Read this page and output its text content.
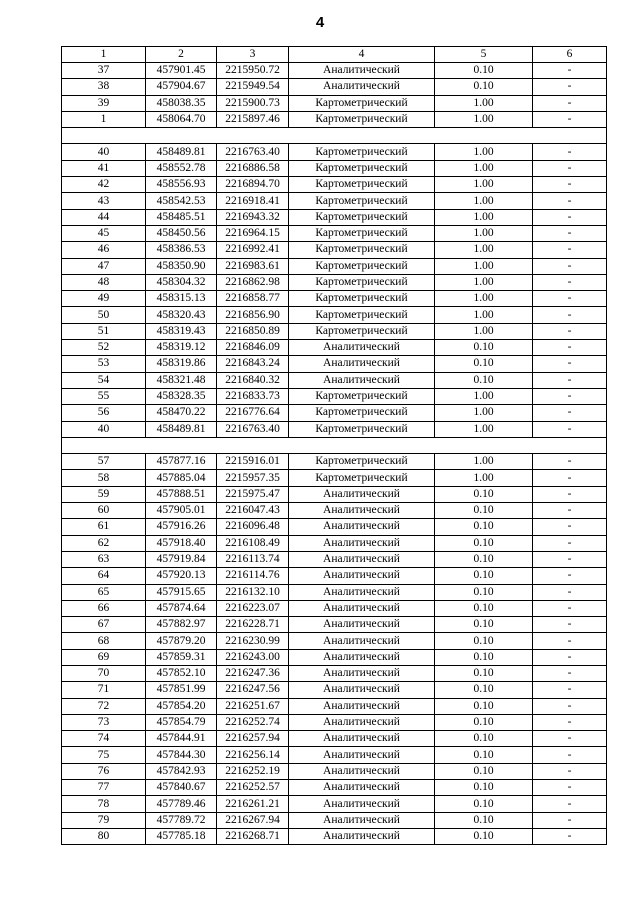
4
1	2	3	4	5	6
37	457901.45	2215950.72	Аналитический	0.10	-
38	457904.67	2215949.54	Аналитический	0.10	-
39	458038.35	2215900.73	Картометрический	1.00	-
1	458064.70	2215897.46	Картометрический	1.00	-

40	458489.81	2216763.40	Картометрический	1.00	-
41	458552.78	2216886.58	Картометрический	1.00	-
42	458556.93	2216894.70	Картометрический	1.00	-
43	458542.53	2216918.41	Картометрический	1.00	-
44	458485.51	2216943.32	Картометрический	1.00	-
45	458450.56	2216964.15	Картометрический	1.00	-
46	458386.53	2216992.41	Картометрический	1.00	-
47	458350.90	2216983.61	Картометрический	1.00	-
48	458304.32	2216862.98	Картометрический	1.00	-
49	458315.13	2216858.77	Картометрический	1.00	-
50	458320.43	2216856.90	Картометрический	1.00	-
51	458319.43	2216850.89	Картометрический	1.00	-
52	458319.12	2216846.09	Аналитический	0.10	-
53	458319.86	2216843.24	Аналитический	0.10	-
54	458321.48	2216840.32	Аналитический	0.10	-
55	458328.35	2216833.73	Картометрический	1.00	-
56	458470.22	2216776.64	Картометрический	1.00	-
40	458489.81	2216763.40	Картометрический	1.00	-

57	457877.16	2215916.01	Картометрический	1.00	-
58	457885.04	2215957.35	Картометрический	1.00	-
59	457888.51	2215975.47	Аналитический	0.10	-
60	457905.01	2216047.43	Аналитический	0.10	-
61	457916.26	2216096.48	Аналитический	0.10	-
62	457918.40	2216108.49	Аналитический	0.10	-
63	457919.84	2216113.74	Аналитический	0.10	-
64	457920.13	2216114.76	Аналитический	0.10	-
65	457915.65	2216132.10	Аналитический	0.10	-
66	457874.64	2216223.07	Аналитический	0.10	-
67	457882.97	2216228.71	Аналитический	0.10	-
68	457879.20	2216230.99	Аналитический	0.10	-
69	457859.31	2216243.00	Аналитический	0.10	-
70	457852.10	2216247.36	Аналитический	0.10	-
71	457851.99	2216247.56	Аналитический	0.10	-
72	457854.20	2216251.67	Аналитический	0.10	-
73	457854.79	2216252.74	Аналитический	0.10	-
74	457844.91	2216257.94	Аналитический	0.10	-
75	457844.30	2216256.14	Аналитический	0.10	-
76	457842.93	2216252.19	Аналитический	0.10	-
77	457840.67	2216252.57	Аналитический	0.10	-
78	457789.46	2216261.21	Аналитический	0.10	-
79	457789.72	2216267.94	Аналитический	0.10	-
80	457785.18	2216268.71	Аналитический	0.10	-
